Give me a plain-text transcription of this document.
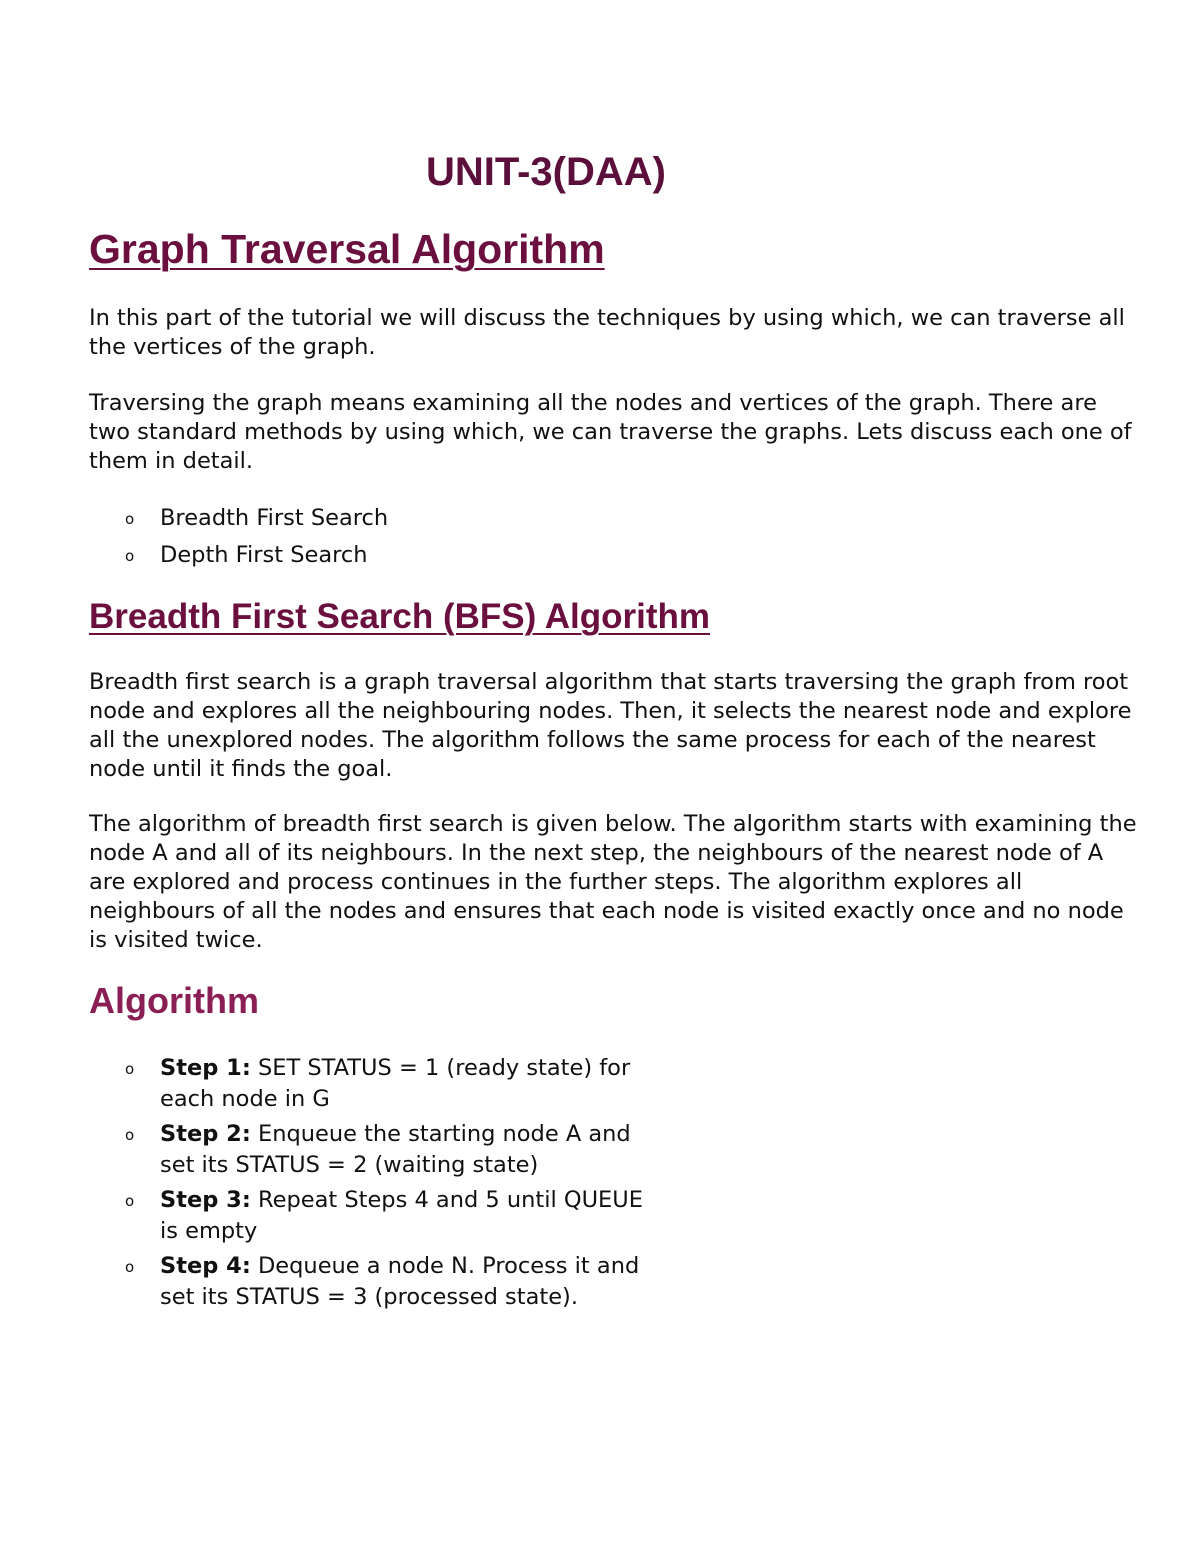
UNIT-3(DAA)
Graph Traversal Algorithm

In this part of the tutorial we will discuss the techniques by using which, we can traverse all the vertices of the graph.

Traversing the graph means examining all the nodes and vertices of the graph. There are two standard methods by using which, we can traverse the graphs. Lets discuss each one of them in detail.

o Breadth First Search
o Depth First Search
Breadth First Search (BFS) Algorithm

Breadth first search is a graph traversal algorithm that starts traversing the graph from root node and explores all the neighbouring nodes. Then, it selects the nearest node and explore all the unexplored nodes. The algorithm follows the same process for each of the nearest node until it finds the goal.

The algorithm of breadth first search is given below. The algorithm starts with examining the node A and all of its neighbours. In the next step, the neighbours of the nearest node of A are explored and process continues in the further steps. The algorithm explores all neighbours of all the nodes and ensures that each node is visited exactly once and no node is visited twice.

Algorithm
o Step 1: SET STATUS = 1 (ready state) for each node in G
o Step 2: Enqueue the starting node A and set its STATUS = 2 (waiting state)
o Step 3: Repeat Steps 4 and 5 until QUEUE is empty
o Step 4: Dequeue a node N. Process it and set its STATUS = 3 (processed state).
